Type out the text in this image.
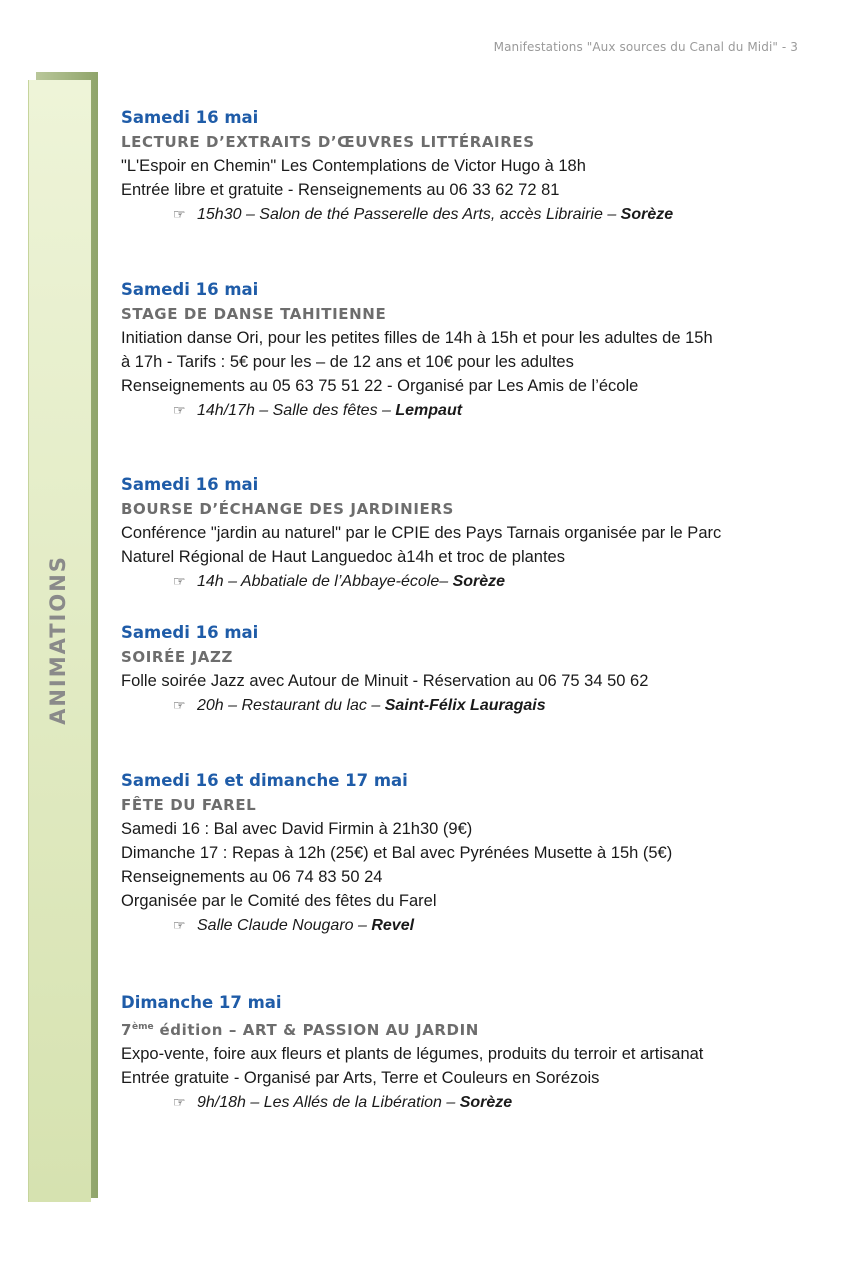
Manifestations "Aux sources du Canal du Midi" - 3
ANIMATIONS
Samedi 16 mai
LECTURE D’EXTRAITS D’ŒUVRES LITTÉRAIRES
"L'Espoir en Chemin" Les Contemplations de Victor Hugo à 18h
Entrée libre et gratuite - Renseignements au 06 33 62 72 81
☞ 15h30 – Salon de thé Passerelle des Arts, accès Librairie – Sorèze
Samedi 16 mai
STAGE DE DANSE TAHITIENNE
Initiation danse Ori, pour les petites filles de 14h à 15h et pour les adultes de 15h
à 17h - Tarifs : 5€ pour les – de 12 ans et 10€ pour les adultes
Renseignements au 05 63 75 51 22 - Organisé par Les Amis de l’école
☞ 14h/17h – Salle des fêtes – Lempaut
Samedi 16 mai
BOURSE D’ÉCHANGE DES JARDINIERS
Conférence "jardin au naturel" par le CPIE des Pays Tarnais organisée par le Parc
Naturel Régional de Haut Languedoc à14h et troc de plantes
☞ 14h – Abbatiale de l’Abbaye-école– Sorèze
Samedi 16 mai
SOIRÉE JAZZ
Folle soirée Jazz avec Autour de Minuit - Réservation au 06 75 34 50 62
☞ 20h – Restaurant du lac – Saint-Félix Lauragais
Samedi 16 et dimanche 17 mai
FÊTE DU FAREL
Samedi 16 : Bal avec David Firmin à 21h30 (9€)
Dimanche 17 : Repas à 12h (25€) et Bal avec Pyrénées Musette à 15h (5€)
Renseignements au 06 74 83 50 24
Organisée par le Comité des fêtes du Farel
☞ Salle Claude Nougaro – Revel
Dimanche 17 mai
7ème édition – ART & PASSION AU JARDIN
Expo-vente, foire aux fleurs et plants de légumes, produits du terroir et artisanat
Entrée gratuite - Organisé par Arts, Terre et Couleurs en Sorézois
☞ 9h/18h – Les Allés de la Libération – Sorèze
